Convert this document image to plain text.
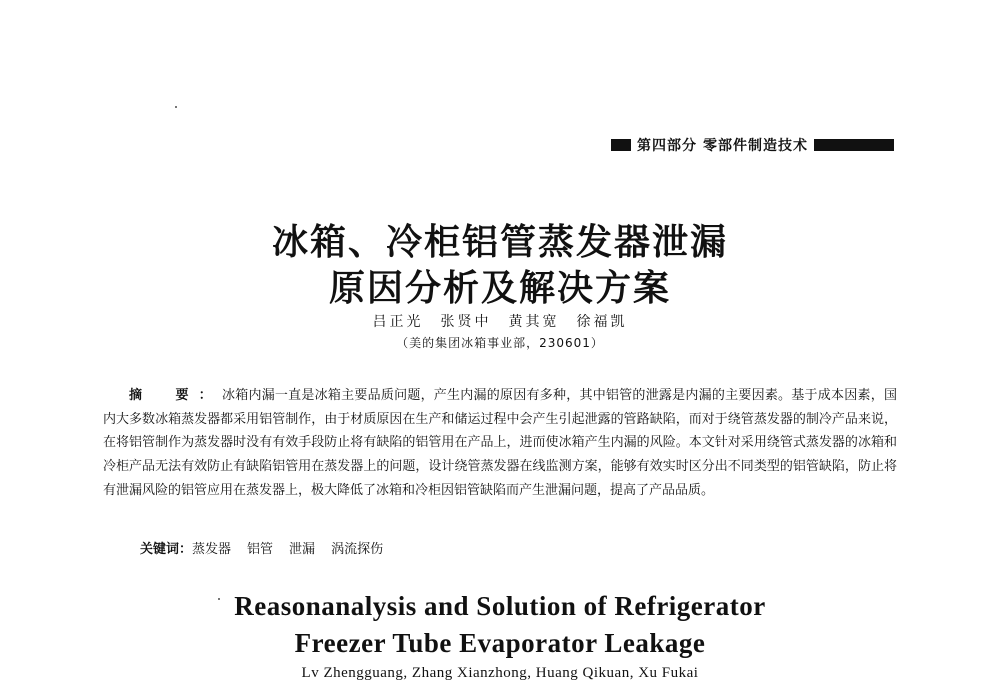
第四部分 零部件制造技术
冰箱、冷柜铝管蒸发器泄漏
原因分析及解决方案
吕正光　张贤中　黄其宽　徐福凯
（美的集团冰箱事业部，230601）

摘　要：冰箱内漏一直是冰箱主要品质问题，产生内漏的原因有多种，其中铝管的泄露是内漏的主要因素。基于成本因素，国内大多数冰箱蒸发器都采用铝管制作，由于材质原因在生产和储运过程中会产生引起泄露的管路缺陷，而对于绕管蒸发器的制冷产品来说，在将铝管制作为蒸发器时没有有效手段防止将有缺陷的铝管用在产品上，进而使冰箱产生内漏的风险。本文针对采用绕管式蒸发器的冰箱和冷柜产品无法有效防止有缺陷铝管用在蒸发器上的问题，设计绕管蒸发器在线监测方案，能够有效实时区分出不同类型的铝管缺陷，防止将有泄漏风险的铝管应用在蒸发器上，极大降低了冰箱和冷柜因铝管缺陷而产生泄漏问题，提高了产品品质。

关键词：蒸发器 铝管 泄漏 涡流探伤
Reasonanalysis and Solution of Refrigerator
Freezer Tube Evaporator Leakage
Lv Zhengguang, Zhang Xianzhong, Huang Qikuan, Xu Fukai
